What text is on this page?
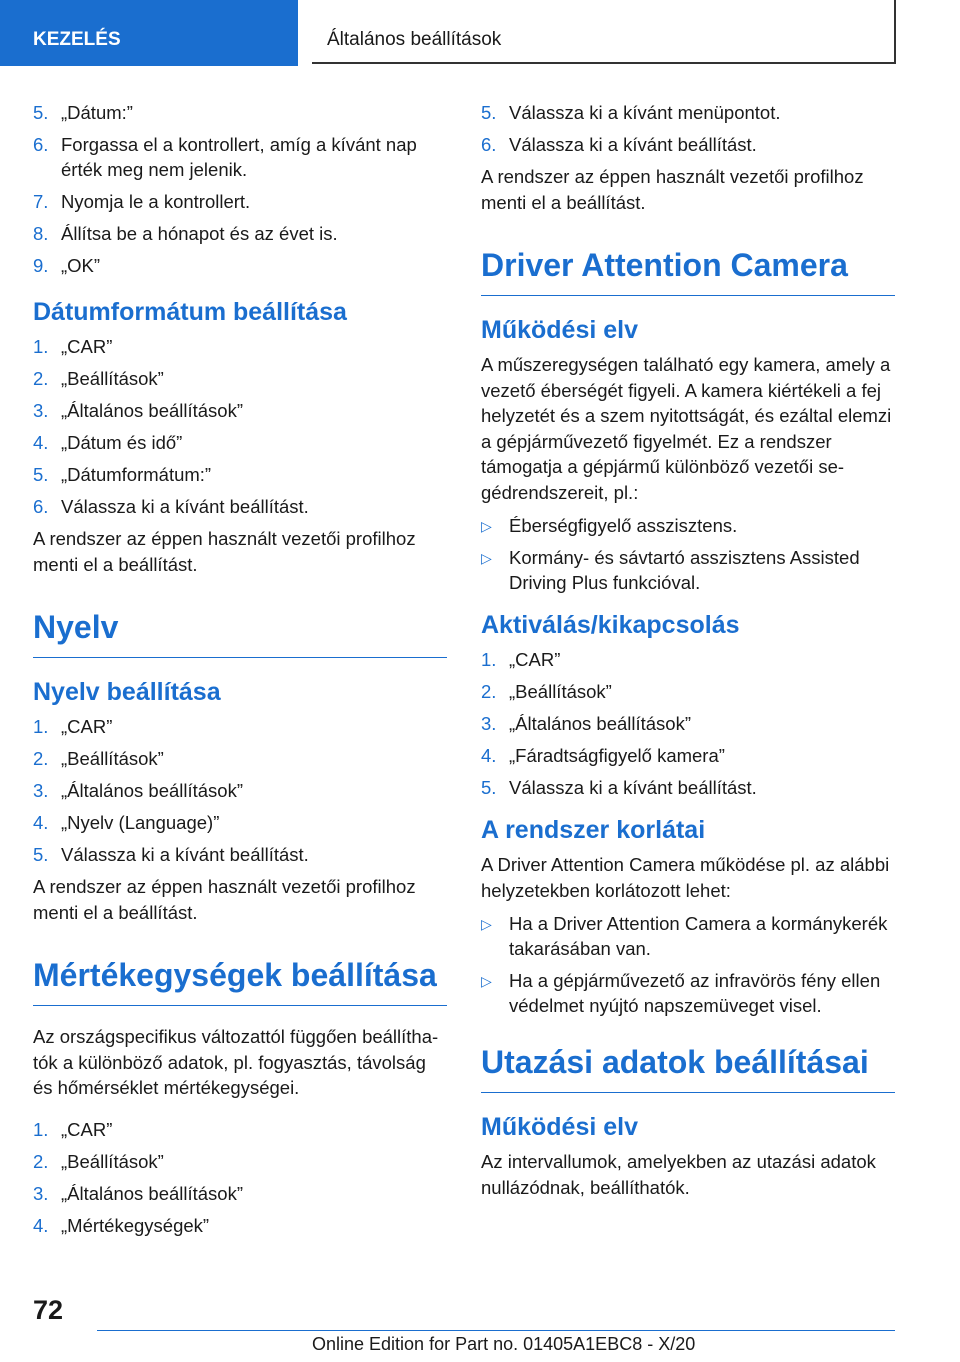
KEZELÉS	Általános beállítások
5. „Dátum:”
6. Forgassa el a kontrollert, amíg a kívánt nap érték meg nem jelenik.
7. Nyomja le a kontrollert.
8. Állítsa be a hónapot és az évet is.
9. „OK”
Dátumformátum beállítása
1. „CAR”
2. „Beállítások”
3. „Általános beállítások”
4. „Dátum és idő”
5. „Dátumformátum:”
6. Válassza ki a kívánt beállítást.

A rendszer az éppen használt vezetői profilhoz menti el a beállítást.

Nyelv
Nyelv beállítása
1. „CAR”
2. „Beállítások”
3. „Általános beállítások”
4. „Nyelv (Language)”
5. Válassza ki a kívánt beállítást.

A rendszer az éppen használt vezetői profilhoz menti el a beállítást.

Mértékegységek beállítása

Az országspecifikus változattól függően beállíthatók a különböző adatok, pl. fogyasztás, távolság és hőmérséklet mértékegységei.

1. „CAR”
2. „Beállítások”
3. „Általános beállítások”
4. „Mértékegységek”
5. Válassza ki a kívánt menüpontot.
6. Válassza ki a kívánt beállítást.

A rendszer az éppen használt vezetői profilhoz menti el a beállítást.

Driver Attention Camera
Működési elv

A műszeregységen található egy kamera, amely a vezető éberségét figyeli. A kamera kiértékeli a fej helyzetét és a szem nyitottságát, és ezáltal elemzi a gépjárművezető figyelmét. Ez a rendszer támogatja a gépjármű különböző vezetői segédrendszereit, pl.:

▷ Éberségfigyelő asszisztens.
▷ Kormány- és sávtartó asszisztens Assisted Driving Plus funkcióval.
Aktiválás/kikapcsolás
1. „CAR”
2. „Beállítások”
3. „Általános beállítások”
4. „Fáradtságfigyelő kamera”
5. Válassza ki a kívánt beállítást.
A rendszer korlátai

A Driver Attention Camera működése pl. az alábbi helyzetekben korlátozott lehet:

▷ Ha a Driver Attention Camera a kormánykerék takarásában van.
▷ Ha a gépjárművezető az infravörös fény ellen védelmet nyújtó napszemüveget visel.
Utazási adatok beállításai
Működési elv

Az intervallumok, amelyekben az utazási adatok nullázódnak, beállíthatók.

72
Online Edition for Part no. 01405A1EBC8 - X/20
